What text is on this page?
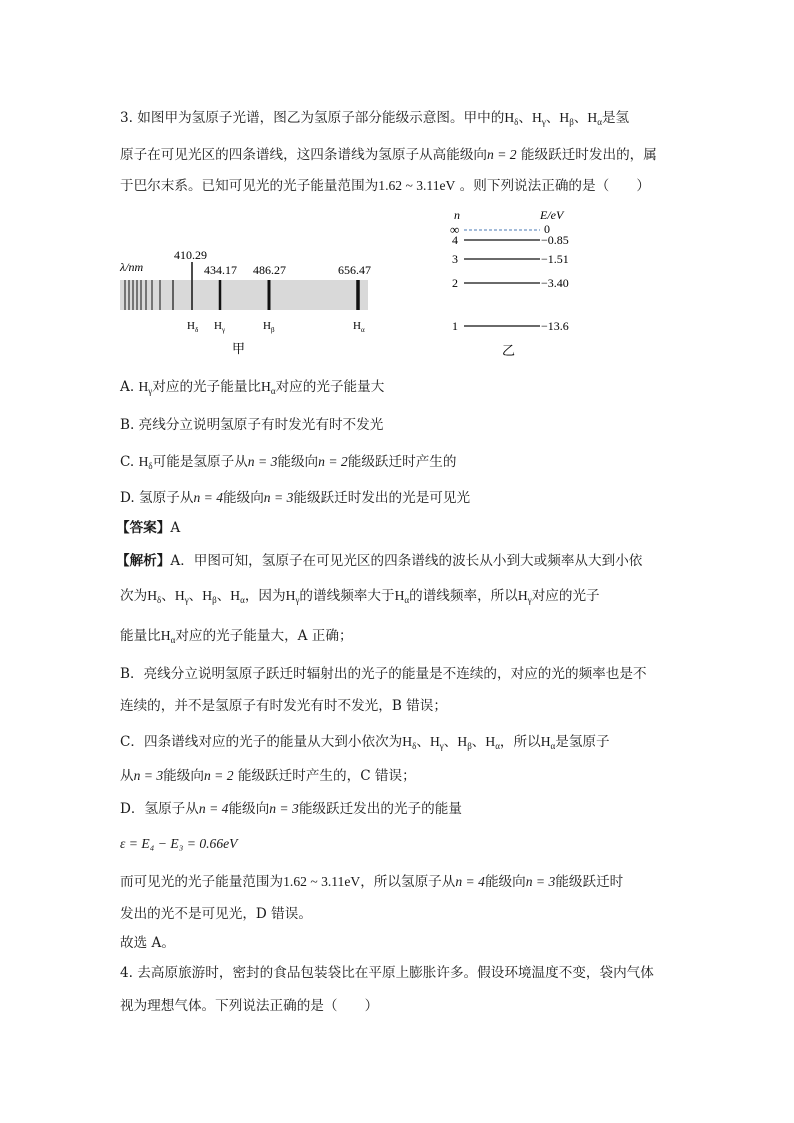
3. 如图甲为氢原子光谱，图乙为氢原子部分能级示意图。甲中的$H_\delta$、$H_\gamma$、$H_\beta$、$H_\alpha$是氢
原子在可见光区的四条谱线，这四条谱线为氢原子从高能级向n = 2 能级跃迁时发出的，属
于巴尔末系。已知可见光的光子能量范围为1.62 ~ 3.11eV 。则下列说法正确的是（　　）
λ/nm
410.29
$H_\delta$
434.17
$H_\gamma$
486.27
$H_\beta$
656.47
$H_\alpha$
甲
n	E/eV
∞	0
4	−0.85
3	−1.51
2	−3.40
1	−13.6
乙
A. $H_\gamma$对应的光子能量比$H_\alpha$对应的光子能量大
B. 亮线分立说明氢原子有时发光有时不发光
C. $H_\delta$可能是氢原子从n = 3能级向n = 2能级跃迁时产生的
D. 氢原子从n = 4能级向n = 3能级跃迁时发出的光是可见光
【答案】A
【解析】A．甲图可知，氢原子在可见光区的四条谱线的波长从小到大或频率从大到小依
次为$H_\delta$、$H_\gamma$、$H_\beta$、$H_\alpha$，因为$H_\gamma$的谱线频率大于$H_\alpha$的谱线频率，所以$H_\gamma$对应的光子
能量比$H_\alpha$对应的光子能量大，A 正确；
B．亮线分立说明氢原子跃迁时辐射出的光子的能量是不连续的，对应的光的频率也是不
连续的，并不是氢原子有时发光有时不发光，B 错误；
C．四条谱线对应的光子的能量从大到小依次为$H_\delta$、$H_\gamma$、$H_\beta$、$H_\alpha$，所以$H_\alpha$是氢原子
从n = 3能级向n = 2 能级跃迁时产生的，C 错误；
D．氢原子从n = 4能级向n = 3能级跃迁发出的光子的能量
ε = E₄ − E₃ = 0.66eV
而可见光的光子能量范围为1.62 ~ 3.11eV，所以氢原子从n = 4能级向n = 3能级跃迁时
发出的光不是可见光，D 错误。
故选 A。
4. 去高原旅游时，密封的食品包装袋比在平原上膨胀许多。假设环境温度不变，袋内气体
视为理想气体。下列说法正确的是（　　）
